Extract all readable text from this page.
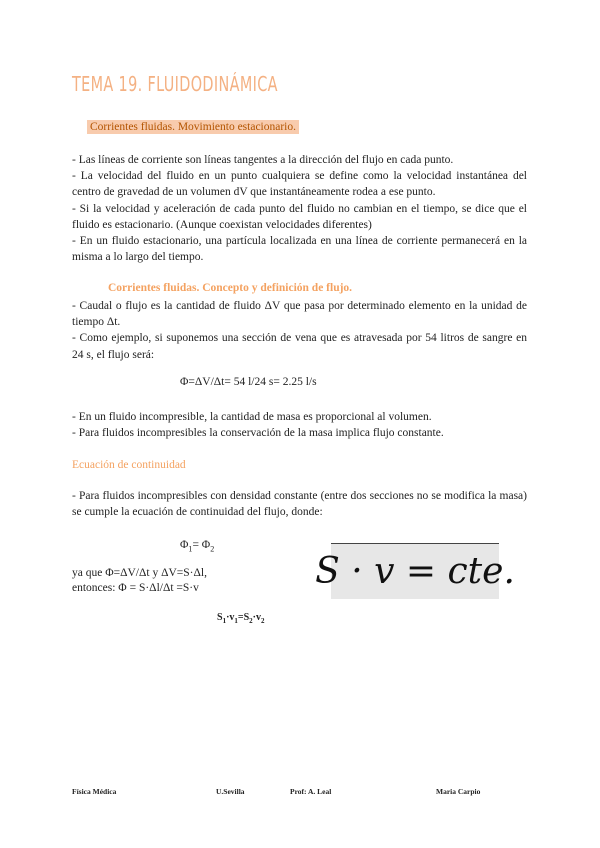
TEMA 19. FLUIDODINÁMICA
Corrientes fluidas. Movimiento estacionario.

- Las líneas de corriente son líneas tangentes a la dirección del flujo en cada punto.

- La velocidad del fluido en un punto cualquiera se define como la velocidad instantánea del centro de gravedad de un volumen dV que instantáneamente rodea a ese punto.

- Si la velocidad y aceleración de cada punto del fluido no cambian en el tiempo, se dice que el fluido es estacionario. (Aunque coexistan velocidades diferentes)

- En un fluido estacionario, una partícula localizada en una línea de corriente permanecerá en la misma a lo largo del tiempo.

Corrientes fluidas. Concepto y definición de flujo.

- Caudal o flujo es la cantidad de fluido ΔV que pasa por determinado elemento en la unidad de tiempo Δt.

- Como ejemplo, si suponemos una sección de vena que es atravesada por 54 litros de sangre en 24 s, el flujo será:

Φ=ΔV/Δt= 54 l/24 s= 2.25 l/s

- En un fluido incompresible, la cantidad de masa es proporcional al volumen.

- Para fluidos incompresibles la conservación de la masa implica flujo constante.

Ecuación de continuidad

- Para fluidos incompresibles con densidad constante (entre dos secciones no se modifica la masa) se cumple la ecuación de continuidad del flujo, donde:

$\Phi_1= \Phi_2$
ya que Φ=ΔV/Δt y ΔV=S·Δl,
entonces: Φ = S·Δl/Δt =S·v
$S_1\cdot v_1=S_2\cdot v_2$
S · v = cte.
Física Médica	U.Sevilla	Prof: A. Leal	Maria Carpio
